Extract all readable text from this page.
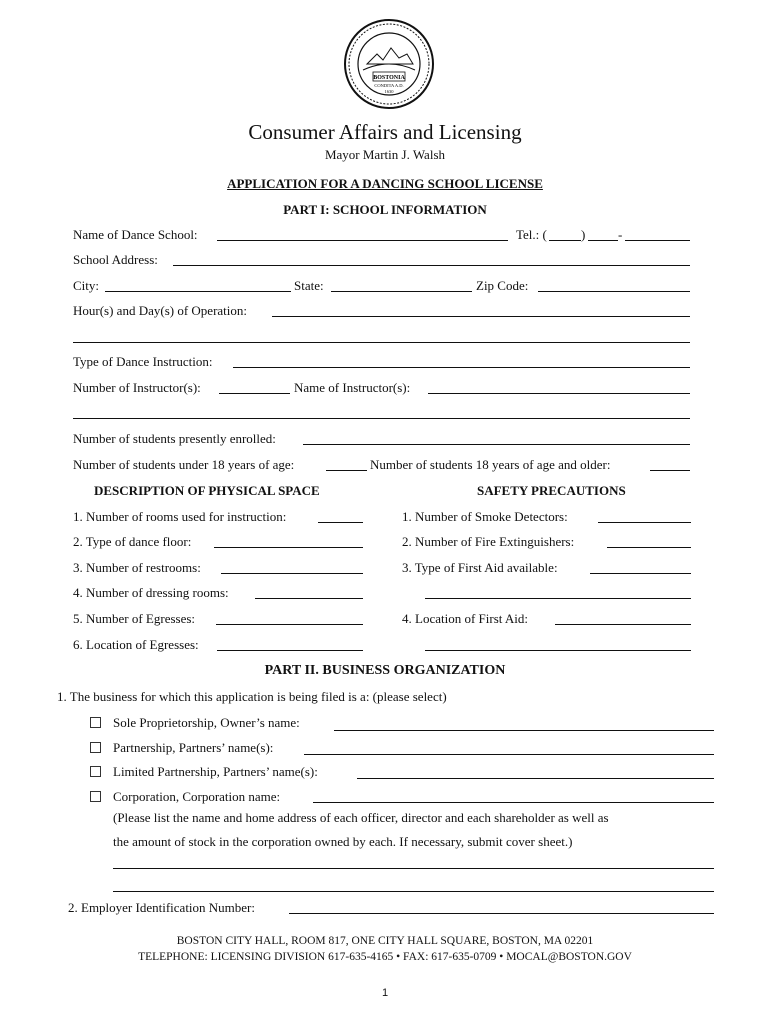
BOSTONIA
CONDITA A.D.
1630
Consumer Affairs and Licensing
Mayor Martin J. Walsh
APPLICATION FOR A DANCING SCHOOL LICENSE
PART I: SCHOOL INFORMATION
Name of Dance School:	Tel.: (	)	-
School Address:
City:	State:	Zip Code:
Hour(s) and Day(s) of Operation:
Type of Dance Instruction:
Number of Instructor(s):	Name of Instructor(s):
Number of students presently enrolled:
Number of students under 18 years of age:	Number of students 18 years of age and older:
DESCRIPTION OF PHYSICAL SPACE	SAFETY PRECAUTIONS
1. Number of rooms used for instruction:
2. Type of dance floor:
3. Number of restrooms:
4. Number of dressing rooms:
5. Number of Egresses:
6. Location of Egresses:
1. Number of Smoke Detectors:
2. Number of Fire Extinguishers:
3. Type of First Aid available:
4. Location of First Aid:
PART II. BUSINESS ORGANIZATION
1. The business for which this application is being filed is a: (please select)
Sole Proprietorship, Owner’s name:
Partnership, Partners’ name(s):
Limited Partnership, Partners’ name(s):
Corporation, Corporation name:
(Please list the name and home address of each officer, director and each shareholder as well as
the amount of stock in the corporation owned by each. If necessary, submit cover sheet.)
2. Employer Identification Number:
BOSTON CITY HALL, ROOM 817, ONE CITY HALL SQUARE, BOSTON, MA 02201
TELEPHONE: LICENSING DIVISION 617-635-4165 • FAX: 617-635-0709 • MOCAL@BOSTON.GOV
1
